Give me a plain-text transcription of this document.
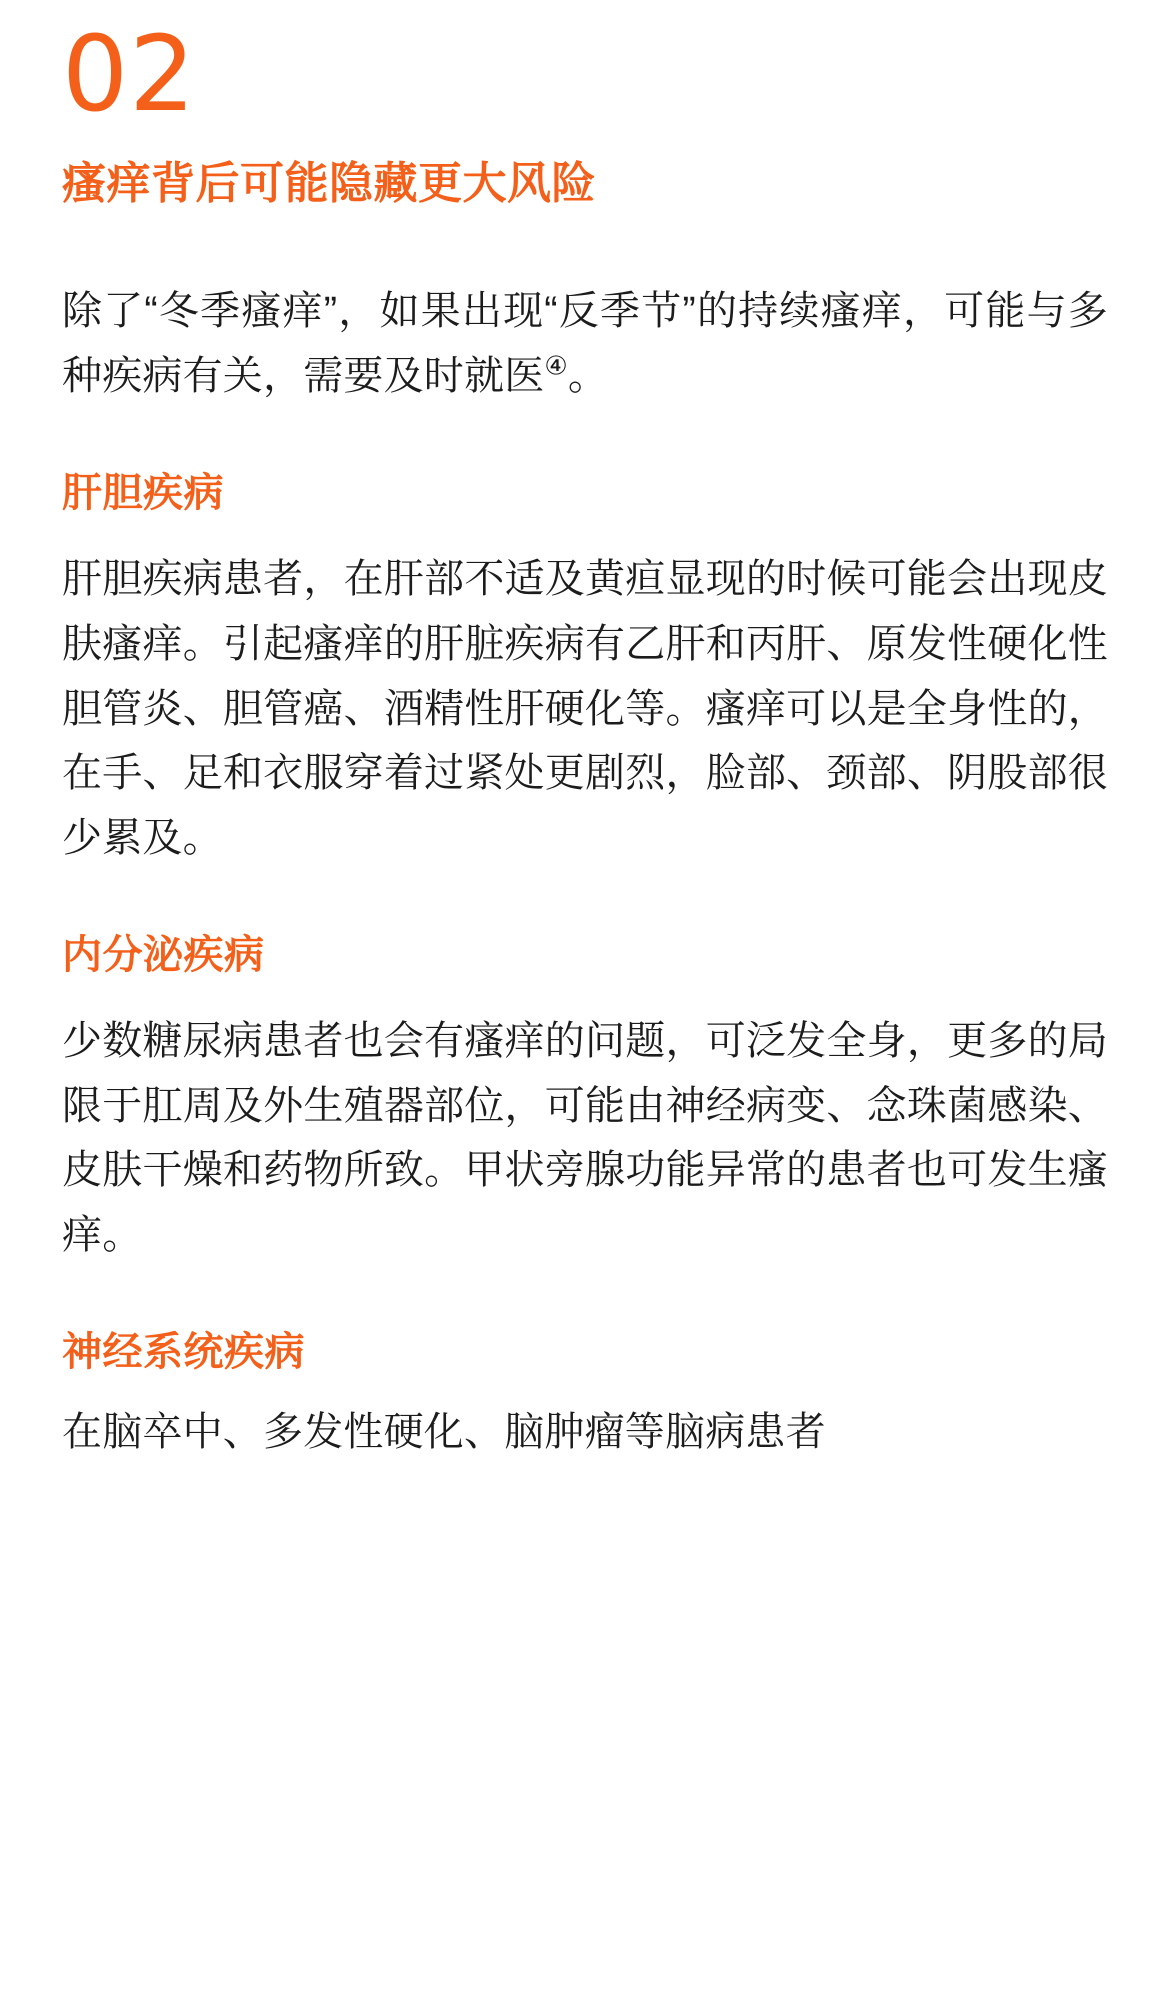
02
瘙痒背后可能隐藏更大风险

除了“冬季瘙痒”，如果出现“反季节”的持续瘙痒，可能与多种疾病有关，需要及时就医④。

肝胆疾病

肝胆疾病患者，在肝部不适及黄疸显现的时候可能会出现皮肤瘙痒。引起瘙痒的肝脏疾病有乙肝和丙肝、原发性硬化性胆管炎、胆管癌、酒精性肝硬化等。瘙痒可以是全身性的，在手、足和衣服穿着过紧处更剧烈，脸部、颈部、阴股部很少累及。

内分泌疾病

少数糖尿病患者也会有瘙痒的问题，可泛发全身，更多的局限于肛周及外生殖器部位，可能由神经病变、念珠菌感染、皮肤干燥和药物所致。甲状旁腺功能异常的患者也可发生瘙痒。

神经系统疾病

在脑卒中、多发性硬化、脑肿瘤等脑病患者
